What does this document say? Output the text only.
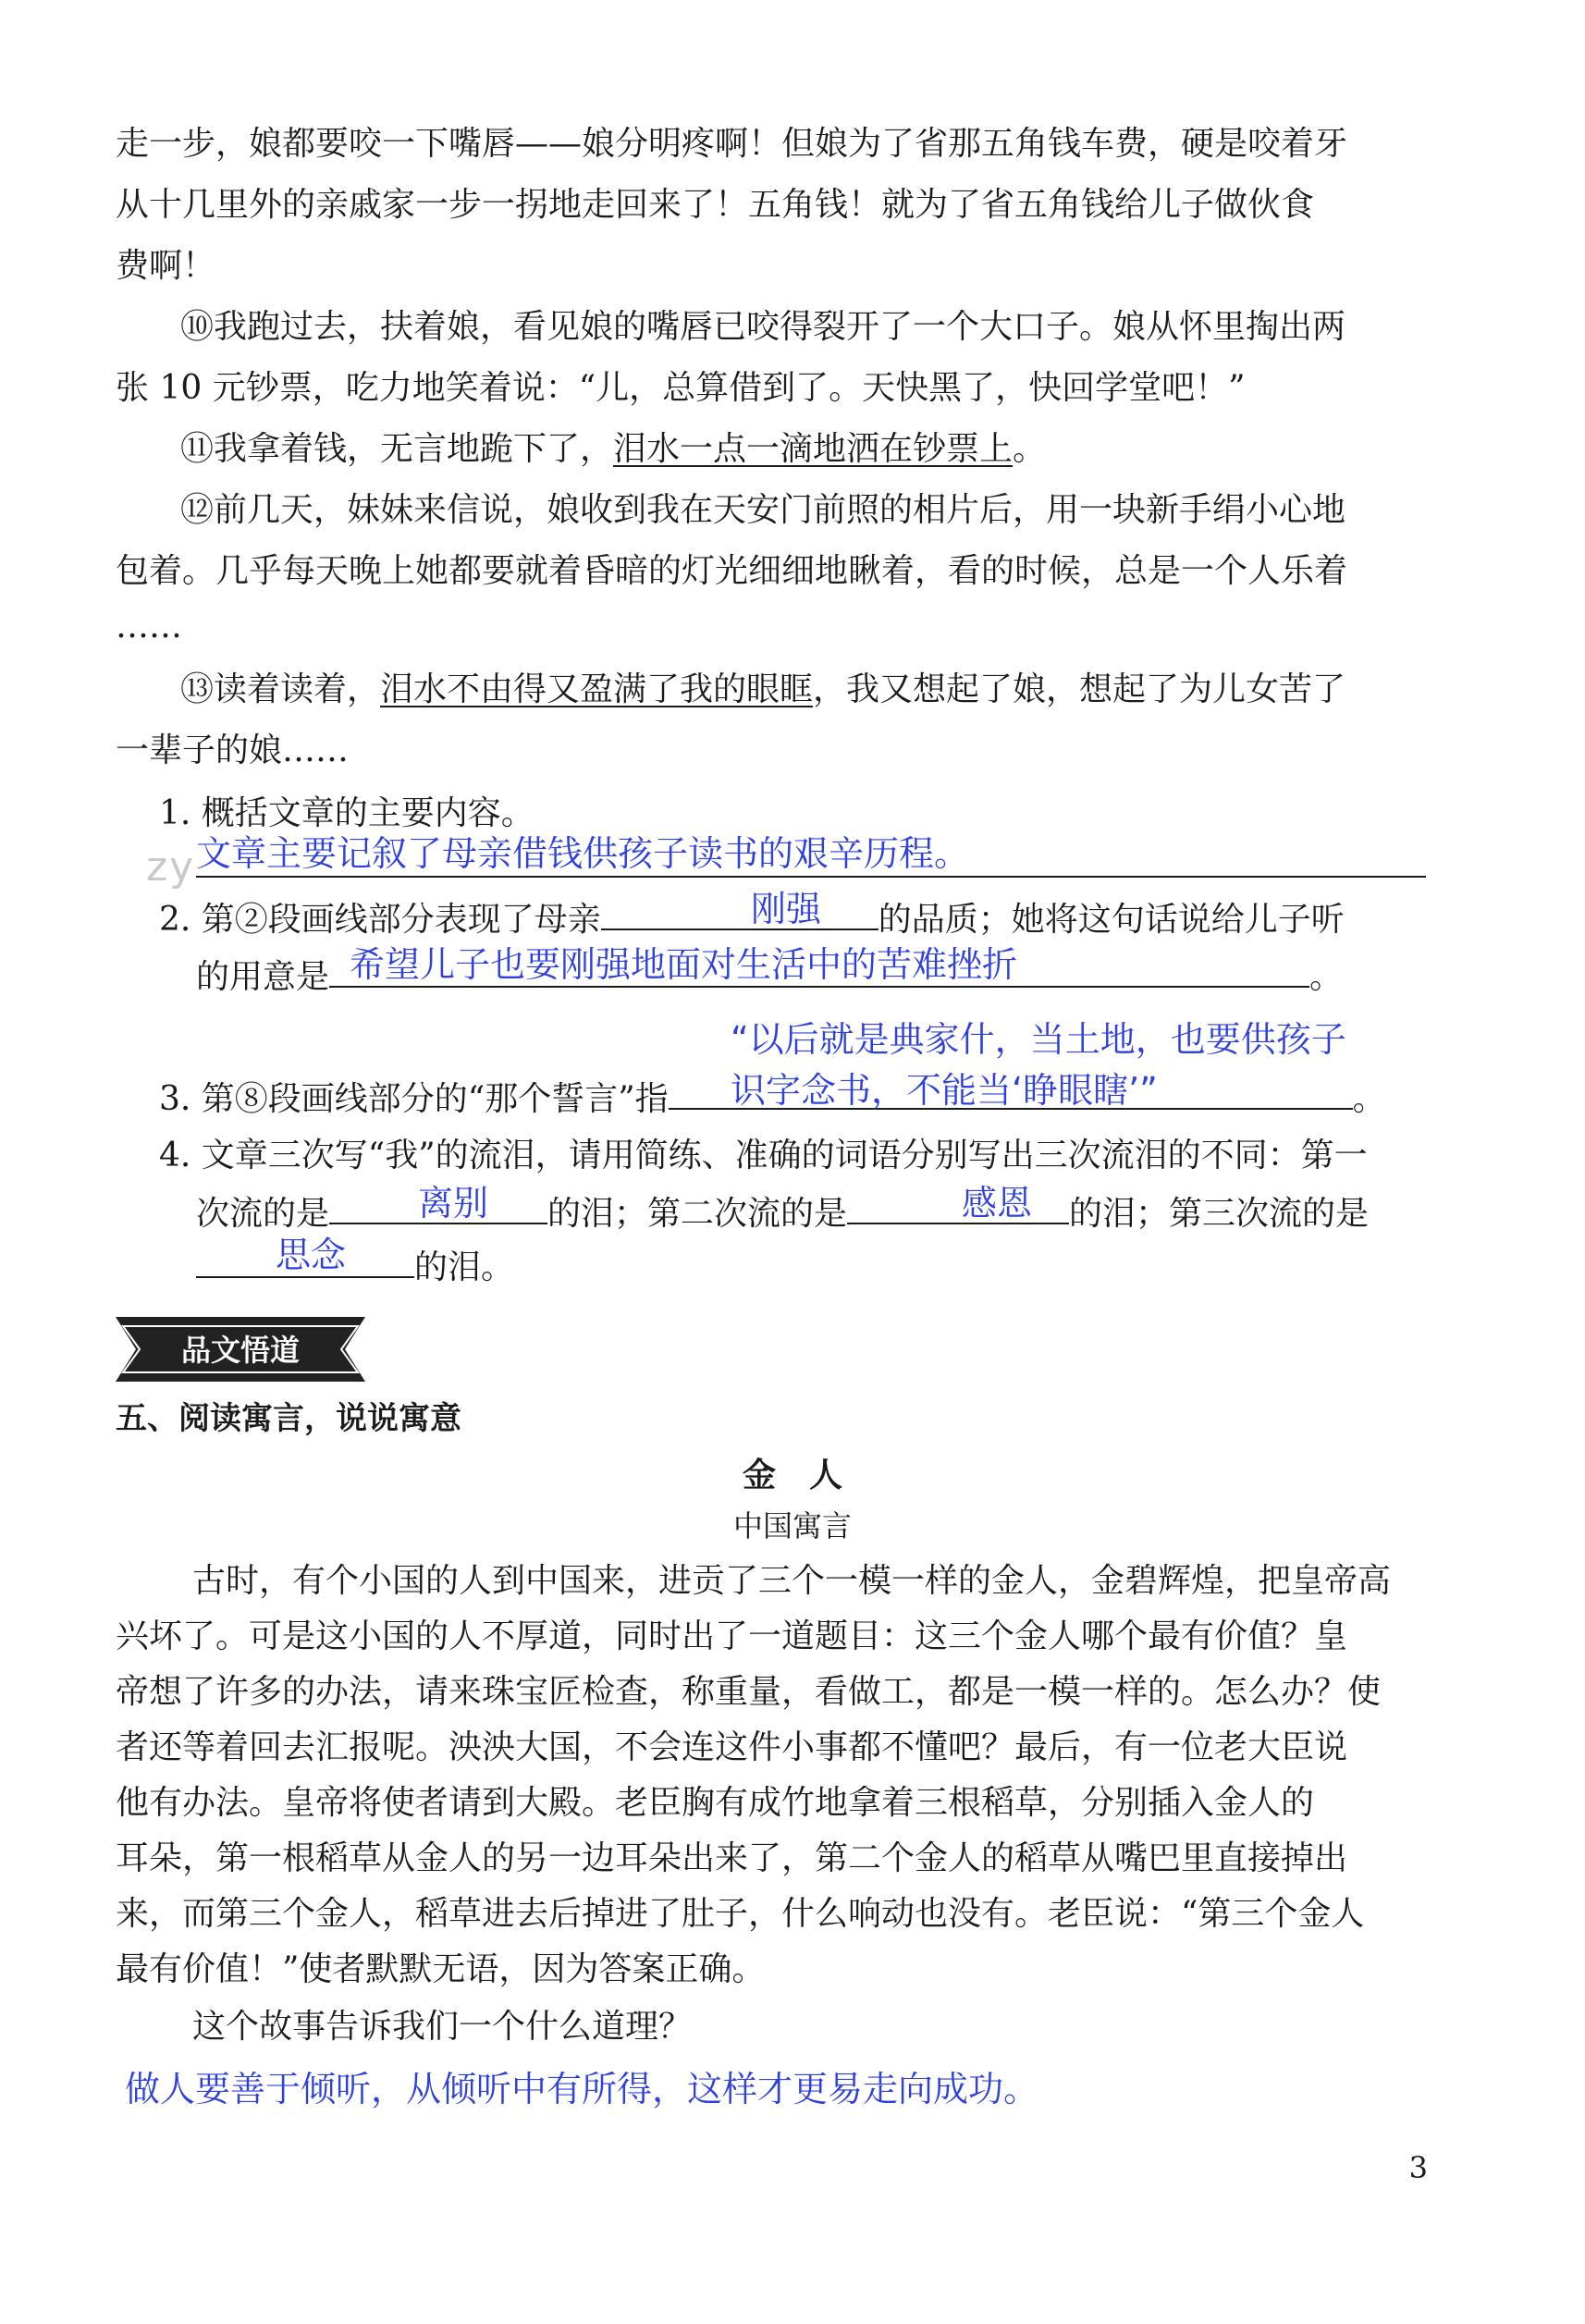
走一步，娘都要咬一下嘴唇——娘分明疼啊！但娘为了省那五角钱车费，硬是咬着牙
从十几里外的亲戚家一步一拐地走回来了！五角钱！就为了省五角钱给儿子做伙食
费啊！
⑩我跑过去，扶着娘，看见娘的嘴唇已咬得裂开了一个大口子。娘从怀里掏出两
张 10 元钞票，吃力地笑着说：“儿，总算借到了。天快黑了，快回学堂吧！”
⑪我拿着钱，无言地跪下了，泪水一点一滴地洒在钞票上。
⑫前几天，妹妹来信说，娘收到我在天安门前照的相片后，用一块新手绢小心地
包着。几乎每天晚上她都要就着昏暗的灯光细细地瞅着，看的时候，总是一个人乐着
……
⑬读着读着，泪水不由得又盈满了我的眼眶，我又想起了娘，想起了为儿女苦了
一辈子的娘……
zy
1. 概括文章的主要内容。
文章主要记叙了母亲借钱供孩子读书的艰辛历程。
2. 第②段画线部分表现了母亲	的品质；她将这句话说给儿子听
刚强
的用意是	。
希望儿子也要刚强地面对生活中的苦难挫折
“以后就是典家什，当土地，也要供孩子
3. 第⑧段画线部分的“那个誓言”指	。
识字念书，不能当‘睁眼瞎’”
4. 文章三次写“我”的流泪，请用简练、准确的词语分别写出三次流泪的不同：第一
次流的是	的泪；第二次流的是	的泪；第三次流的是
离别	感恩
的泪。
思念
品文悟道
五、阅读寓言，说说寓意
金　人
中国寓言
古时，有个小国的人到中国来，进贡了三个一模一样的金人，金碧辉煌，把皇帝高
兴坏了。可是这小国的人不厚道，同时出了一道题目：这三个金人哪个最有价值？皇
帝想了许多的办法，请来珠宝匠检查，称重量，看做工，都是一模一样的。怎么办？使
者还等着回去汇报呢。泱泱大国，不会连这件小事都不懂吧？最后，有一位老大臣说
他有办法。皇帝将使者请到大殿。老臣胸有成竹地拿着三根稻草，分别插入金人的
耳朵，第一根稻草从金人的另一边耳朵出来了，第二个金人的稻草从嘴巴里直接掉出
来，而第三个金人，稻草进去后掉进了肚子，什么响动也没有。老臣说：“第三个金人
最有价值！”使者默默无语，因为答案正确。
这个故事告诉我们一个什么道理？
做人要善于倾听，从倾听中有所得，这样才更易走向成功。
3
